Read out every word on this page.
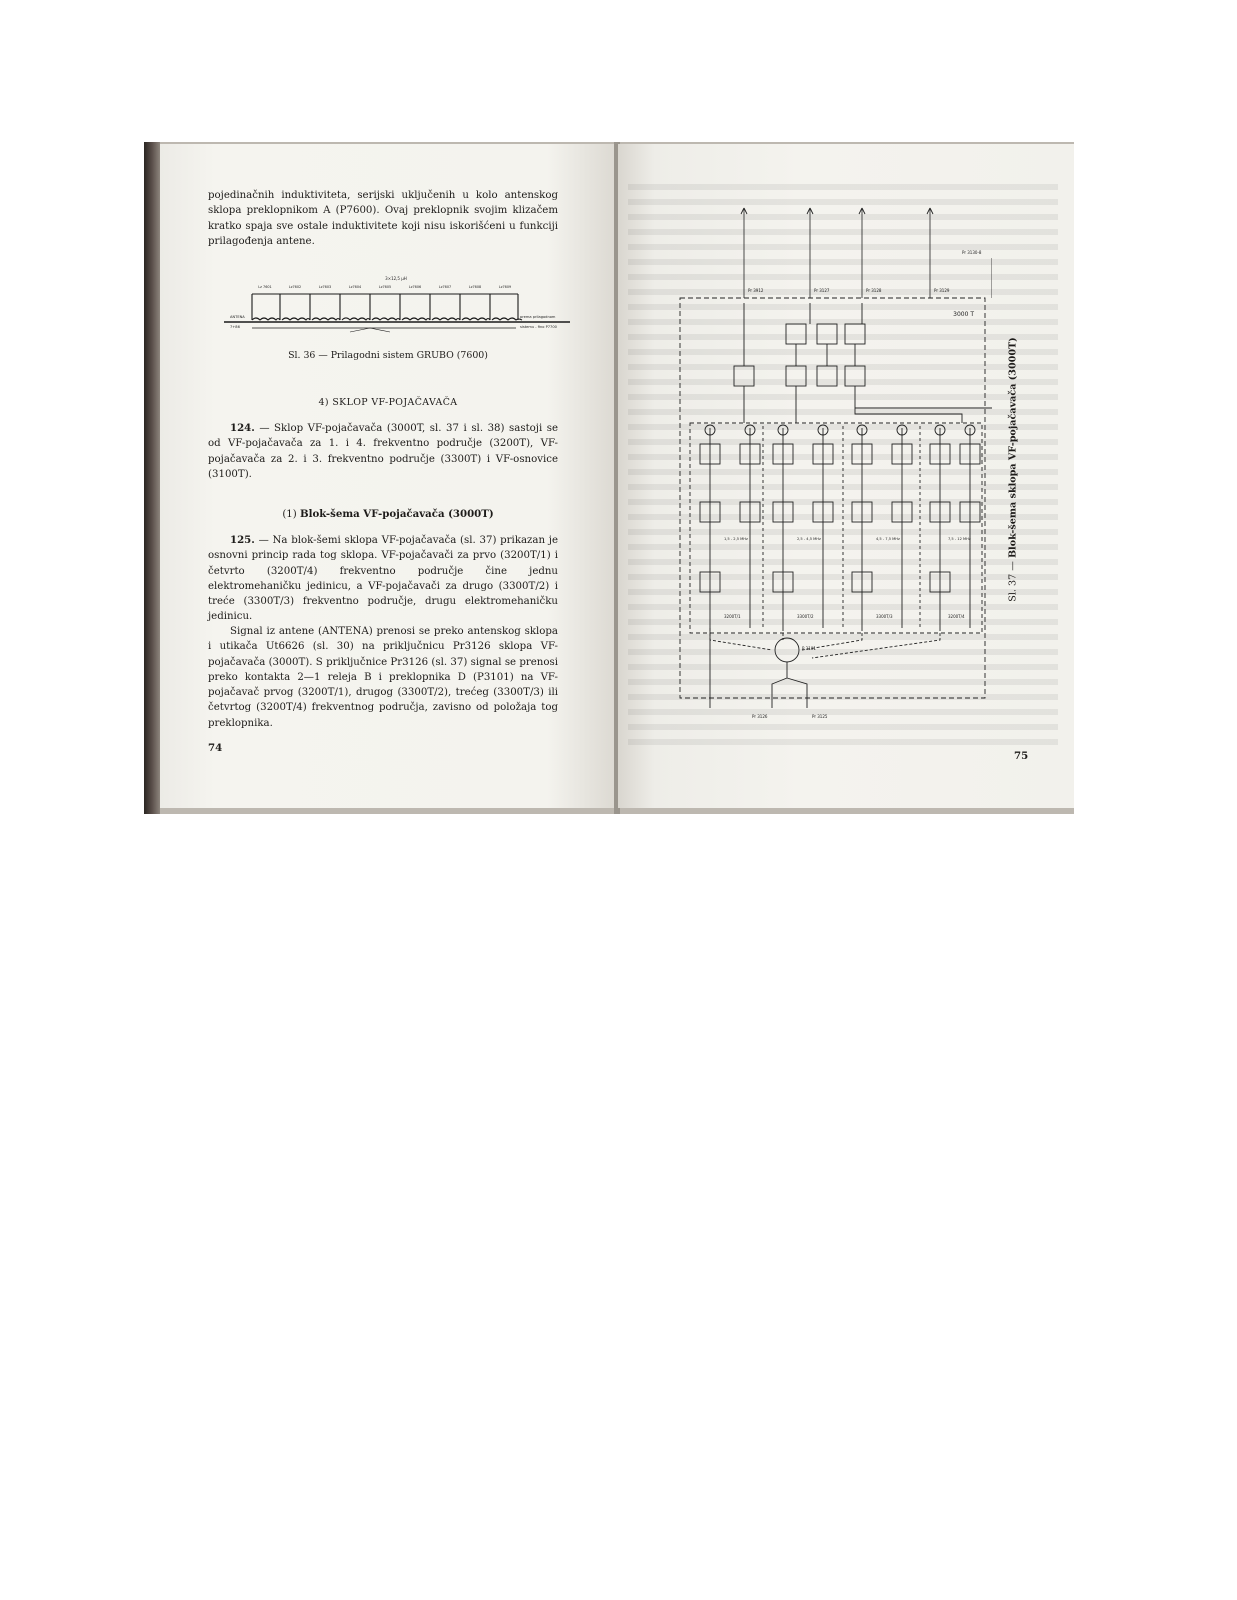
pojedinačnih induktiviteta, serijski uključenih u kolo antenskog sklopa preklopnikom A (P7600). Ovaj preklopnik svojim klizačem kratko spaja sve ostale induktivitete koji nisu iskorišćeni u funkciji prilagođenja antene.

3×12,5 μH
Lz 7601	Lz7602	Lz7603	Lz7604	Lz7605	Lz7606	Lz7607	Lz7608	Lz7609
ANTENA
7+86
prema prilagodnom
sistemu - fino P7700
Sl. 36 — Prilagodni sistem GRUBO (7600)
4) SKLOP VF-POJAČAVAČA

124. — Sklop VF-pojačavača (3000T, sl. 37 i sl. 38) sastoji se od VF-pojačavača za 1. i 4. frekventno područje (3200T), VF-pojačavača za 2. i 3. frekventno područje (3300T) i VF-osnovice (3100T).

(1) Blok-šema VF-pojačavača (3000T)

125. — Na blok-šemi sklopa VF-pojačavača (sl. 37) prikazan je osnovni princip rada tog sklopa. VF-pojačavači za prvo (3200T/1) i četvrto (3200T/4) frekventno područje čine jednu elektromehaničku jedinicu, a VF-pojačavači za drugo (3300T/2) i treće (3300T/3) frekventno područje, drugu elektromehaničku jedinicu.

Signal iz antene (ANTENA) prenosi se preko antenskog sklopa i utikača Ut6626 (sl. 30) na priključnicu Pr3126 sklopa VF-pojačavača (3000T). S priključnice Pr3126 (sl. 37) signal se prenosi preko kontakta 2—1 releja B i preklopnika D (P3101) na VF-pojačavač prvog (3200T/1), drugog (3300T/2), trećeg (3300T/3) ili četvrtog (3200T/4) frekventnog područja, zavisno od položaja tog preklopnika.

74
3000 T
Pr 3912	Pr 3127	Pr 3128	Pr 3129
Pr 3130-8
3200T/1	3300T/2	3300T/3	3200T/4
1,5 - 2,5 MHz	2,5 - 4,5 MHz	4,5 - 7,5 MHz	7,5 - 12 MHz
P 3101
Pr 3126	Pr 3125
Sl. 37 — Blok-šema sklopa VF-pojačavača (3000T)
75
